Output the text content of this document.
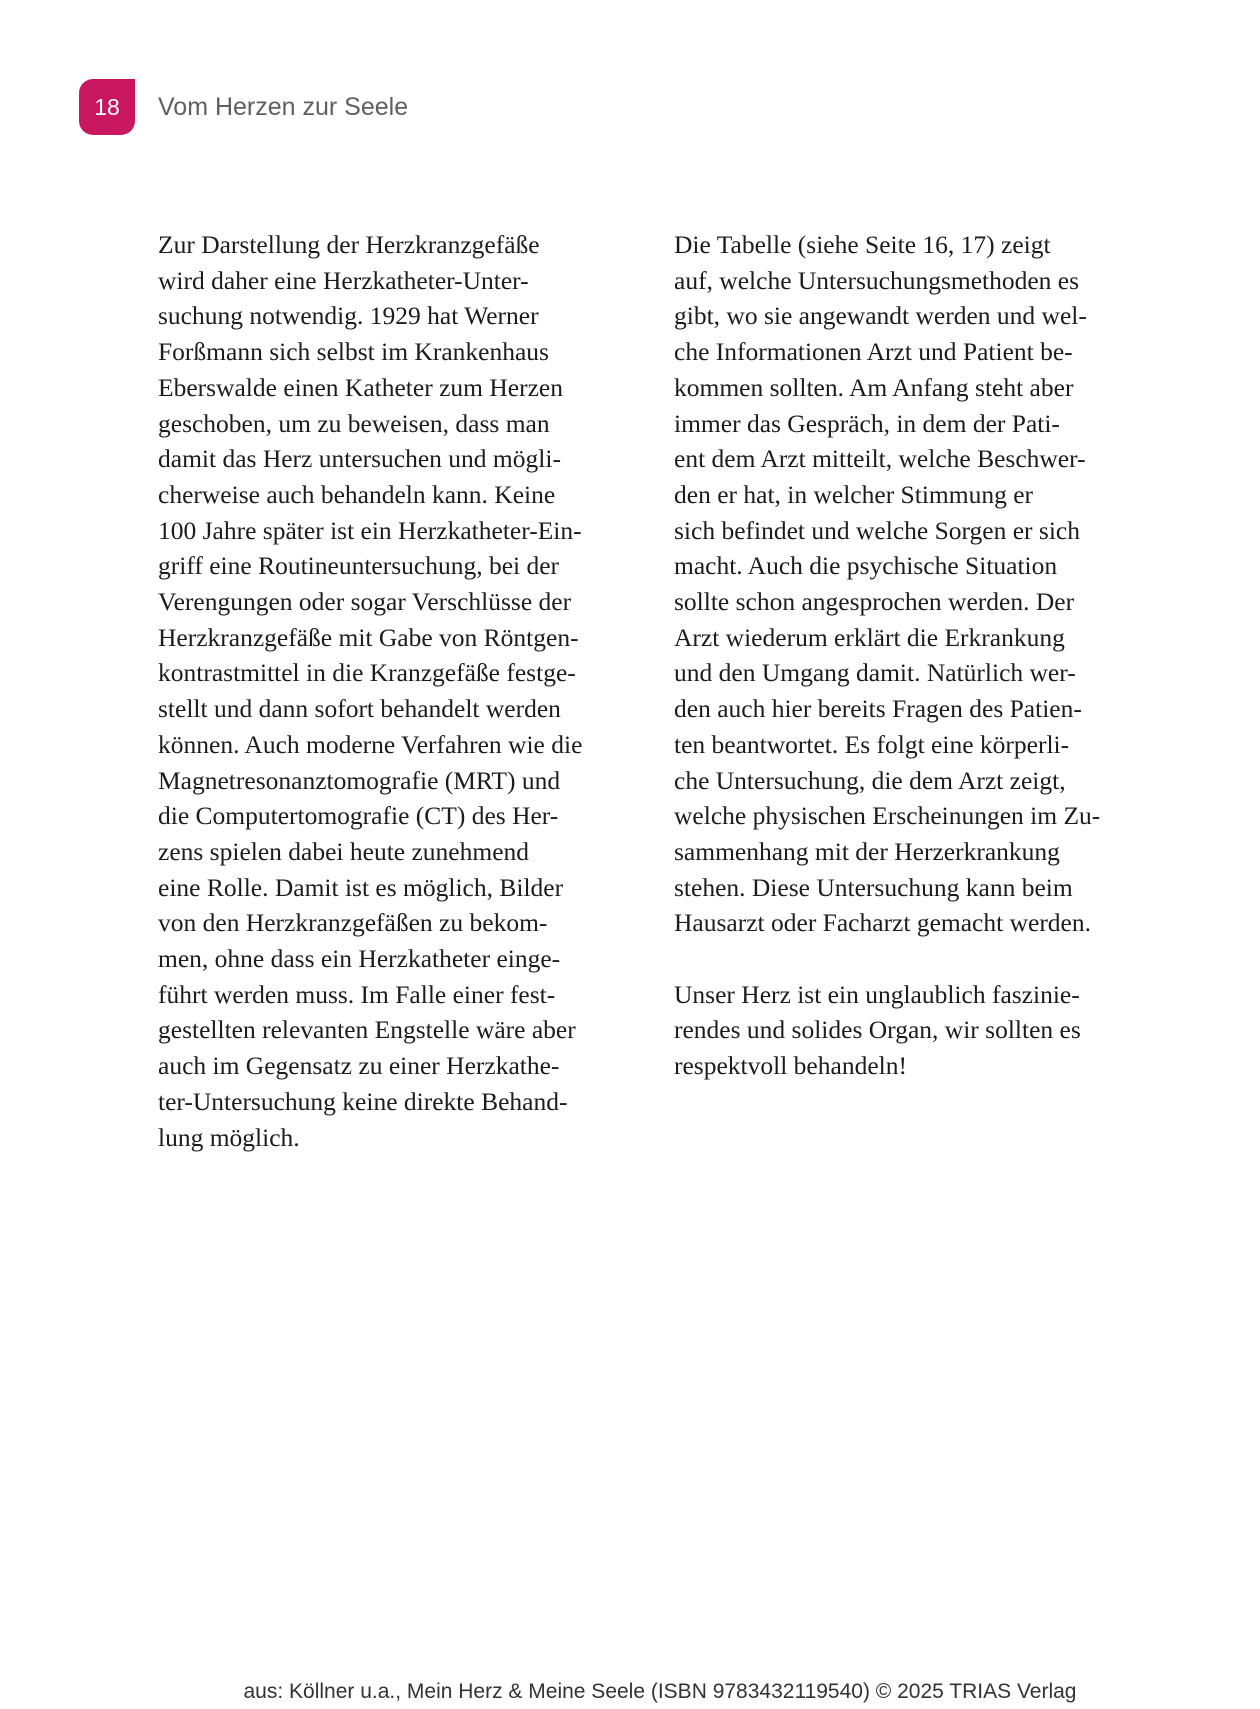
18	Vom Herzen zur Seele
Zur Darstellung der Herzkranzgefäße
wird daher eine Herzkatheter-Unter-
suchung notwendig. 1929 hat Werner
Forßmann sich selbst im Krankenhaus
Eberswalde einen Katheter zum Herzen
geschoben, um zu beweisen, dass man
damit das Herz untersuchen und mögli-
cherweise auch behandeln kann. Keine
100 Jahre später ist ein Herzkatheter-Ein-
griff eine Routineuntersuchung, bei der
Verengungen oder sogar Verschlüsse der
Herzkranzgefäße mit Gabe von Röntgen-
kontrastmittel in die Kranzgefäße festge-
stellt und dann sofort behandelt werden
können. Auch moderne Verfahren wie die
Magnetresonanztomografie (MRT) und
die Computertomografie (CT) des Her-
zens spielen dabei heute zunehmend
eine Rolle. Damit ist es möglich, Bilder
von den Herzkranzgefäßen zu bekom-
men, ohne dass ein Herzkatheter einge-
führt werden muss. Im Falle einer fest-
gestellten relevanten Engstelle wäre aber
auch im Gegensatz zu einer Herzkathe-
ter-Untersuchung keine direkte Behand-
lung möglich.
Die Tabelle (siehe Seite 16, 17) zeigt
auf, welche Untersuchungsmethoden es
gibt, wo sie angewandt werden und wel-
che Informationen Arzt und Patient be-
kommen sollten. Am Anfang steht aber
immer das Gespräch, in dem der Pati-
ent dem Arzt mitteilt, welche Beschwer-
den er hat, in welcher Stimmung er
sich befindet und welche Sorgen er sich
macht. Auch die psychische Situation
sollte schon angesprochen werden. Der
Arzt wiederum erklärt die Erkrankung
und den Umgang damit. Natürlich wer-
den auch hier bereits Fragen des Patien-
ten beantwortet. Es folgt eine körperli-
che Untersuchung, die dem Arzt zeigt,
welche physischen Erscheinungen im Zu-
sammenhang mit der Herzerkrankung
stehen. Diese Untersuchung kann beim
Hausarzt oder Facharzt gemacht werden.
Unser Herz ist ein unglaublich faszinie-
rendes und solides Organ, wir sollten es
respektvoll behandeln!
aus: Köllner u.a., Mein Herz & Meine Seele (ISBN 9783432119540) © 2025 TRIAS Verlag
